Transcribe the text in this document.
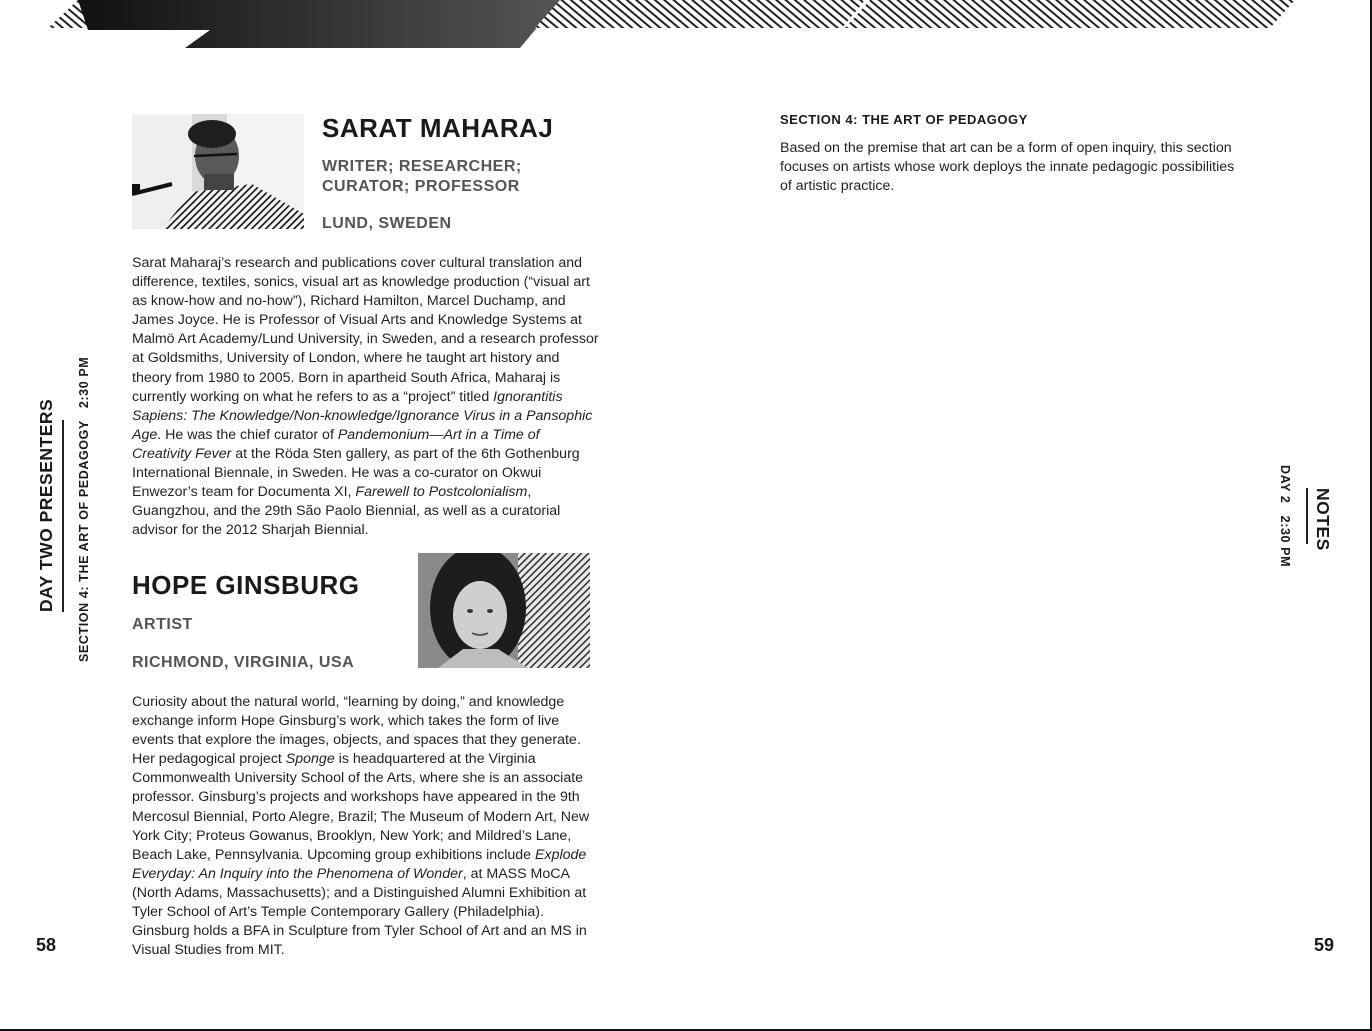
DAY TWO PRESENTERS SECTION 4: THE ART OF PEDAGOGY   2:30 PM
SARAT MAHARAJ

WRITER; RESEARCHER; CURATOR; PROFESSOR

LUND, SWEDEN

Sarat Maharaj’s research and publications cover cultural translation and difference, textiles, sonics, visual art as knowledge production (“visual art as know-how and no-how”), Richard Hamilton, Marcel Duchamp, and James Joyce. He is Professor of Visual Arts and Knowledge Systems at Malmö Art Academy/Lund University, in Sweden, and a research professor at Goldsmiths, University of London, where he taught art history and theory from 1980 to 2005. Born in apartheid South Africa, Maharaj is currently working on what he refers to as a “project” titled Ignorantitis Sapiens: The Knowledge/Non-knowledge/Ignorance Virus in a Pansophic Age. He was the chief curator of Pandemonium—Art in a Time of Creativity Fever at the Röda Sten gallery, as part of the 6th Gothenburg International Biennale, in Sweden. He was a co-curator on Okwui Enwezor’s team for Documenta XI, Farewell to Postcolonialism, Guangzhou, and the 29th São Paolo Biennial, as well as a curatorial advisor for the 2012 Sharjah Biennial.

HOPE GINSBURG

ARTIST

RICHMOND, VIRGINIA, USA

Curiosity about the natural world, “learning by doing,” and knowledge exchange inform Hope Ginsburg’s work, which takes the form of live events that explore the images, objects, and spaces that they generate. Her pedagogical project Sponge is headquartered at the Virginia Commonwealth University School of the Arts, where she is an associate professor. Ginsburg’s projects and workshops have appeared in the 9th Mercosul Biennial, Porto Alegre, Brazil; The Museum of Modern Art, New York City; Proteus Gowanus, Brooklyn, New York; and Mildred’s Lane, Beach Lake, Pennsylvania. Upcoming group exhibitions include Explode Everyday: An Inquiry into the Phenomena of Wonder, at MASS MoCA (North Adams, Massachusetts); and a Distinguished Alumni Exhibition at Tyler School of Art’s Temple Contemporary Gallery (Philadelphia). Ginsburg holds a BFA in Sculpture from Tyler School of Art and an MS in Visual Studies from MIT.

58
SECTION 4: THE ART OF PEDAGOGY

Based on the premise that art can be a form of open inquiry, this section focuses on artists whose work deploys the innate pedagogic possibilities of artistic practice.

NOTES
DAY 2   2:30 PM
59
